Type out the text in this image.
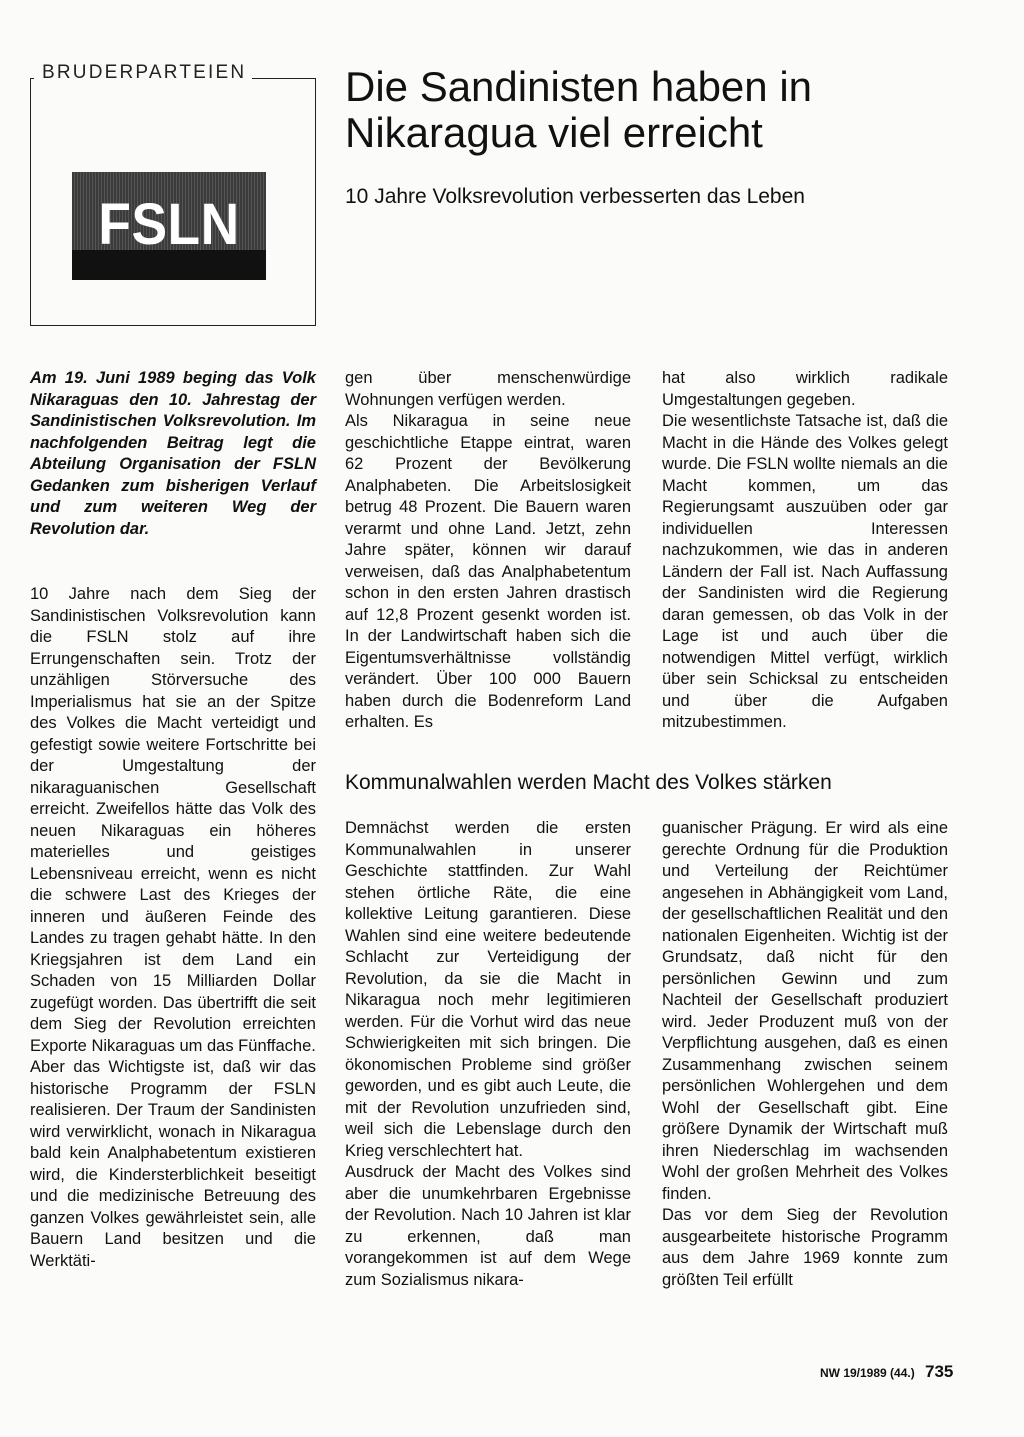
BRUDERPARTEIEN
FSLN
Die Sandinisten haben in Nikaragua viel erreicht
10 Jahre Volksrevolution verbesserten das Leben

Am 19. Juni 1989 beging das Volk Nikaraguas den 10. Jahrestag der Sandinistischen Volksrevolution. Im nachfolgenden Beitrag legt die Abteilung Organisation der FSLN Gedanken zum bisherigen Verlauf und zum weiteren Weg der Revolution dar.

10 Jahre nach dem Sieg der Sandinistischen Volksrevolution kann die FSLN stolz auf ihre Errungenschaften sein. Trotz der unzähligen Störversuche des Imperialismus hat sie an der Spitze des Volkes die Macht verteidigt und gefestigt sowie weitere Fortschritte bei der Umgestaltung der nikaraguanischen Gesellschaft erreicht. Zweifellos hätte das Volk des neuen Nikaraguas ein höheres materielles und geistiges Lebensniveau erreicht, wenn es nicht die schwere Last des Krieges der inneren und äußeren Feinde des Landes zu tragen gehabt hätte. In den Kriegsjahren ist dem Land ein Schaden von 15 Milliarden Dollar zugefügt worden. Das übertrifft die seit dem Sieg der Revolution erreichten Exporte Nikaraguas um das Fünffache.

Aber das Wichtigste ist, daß wir das historische Programm der FSLN realisieren. Der Traum der Sandinisten wird verwirklicht, wonach in Nikaragua bald kein Analphabetentum existieren wird, die Kindersterblichkeit beseitigt und die medizinische Betreuung des ganzen Volkes gewährleistet sein, alle Bauern Land besitzen und die Werktäti-

gen über menschenwürdige Wohnungen verfügen werden.

Als Nikaragua in seine neue geschichtliche Etappe eintrat, waren 62 Prozent der Bevölkerung Analphabeten. Die Arbeitslosigkeit betrug 48 Prozent. Die Bauern waren verarmt und ohne Land. Jetzt, zehn Jahre später, können wir darauf verweisen, daß das Analphabetentum schon in den ersten Jahren drastisch auf 12,8 Prozent gesenkt worden ist. In der Landwirtschaft haben sich die Eigentumsverhältnisse vollständig verändert. Über 100 000 Bauern haben durch die Bodenreform Land erhalten. Es

hat also wirklich radikale Umgestaltungen gegeben.

Die wesentlichste Tatsache ist, daß die Macht in die Hände des Volkes gelegt wurde. Die FSLN wollte niemals an die Macht kommen, um das Regierungsamt auszuüben oder gar individuellen Interessen nachzukommen, wie das in anderen Ländern der Fall ist. Nach Auffassung der Sandinisten wird die Regierung daran gemessen, ob das Volk in der Lage ist und auch über die notwendigen Mittel verfügt, wirklich über sein Schicksal zu entscheiden und über die Aufgaben mitzubestimmen.

Kommunalwahlen werden Macht des Volkes stärken

Demnächst werden die ersten Kommunalwahlen in unserer Geschichte stattfinden. Zur Wahl stehen örtliche Räte, die eine kollektive Leitung garantieren. Diese Wahlen sind eine weitere bedeutende Schlacht zur Verteidigung der Revolution, da sie die Macht in Nikaragua noch mehr legitimieren werden. Für die Vorhut wird das neue Schwierigkeiten mit sich bringen. Die ökonomischen Probleme sind größer geworden, und es gibt auch Leute, die mit der Revolution unzufrieden sind, weil sich die Lebenslage durch den Krieg verschlechtert hat.

Ausdruck der Macht des Volkes sind aber die unumkehrbaren Ergebnisse der Revolution. Nach 10 Jahren ist klar zu erkennen, daß man vorangekommen ist auf dem Wege zum Sozialismus nikara-

guanischer Prägung. Er wird als eine gerechte Ordnung für die Produktion und Verteilung der Reichtümer angesehen in Abhängigkeit vom Land, der gesellschaftlichen Realität und den nationalen Eigenheiten. Wichtig ist der Grundsatz, daß nicht für den persönlichen Gewinn und zum Nachteil der Gesellschaft produziert wird. Jeder Produzent muß von der Verpflichtung ausgehen, daß es einen Zusammenhang zwischen seinem persönlichen Wohlergehen und dem Wohl der Gesellschaft gibt. Eine größere Dynamik der Wirtschaft muß ihren Niederschlag im wachsenden Wohl der großen Mehrheit des Volkes finden.

Das vor dem Sieg der Revolution ausgearbeitete historische Programm aus dem Jahre 1969 konnte zum größten Teil erfüllt

NW 19/1989 (44.) 735
